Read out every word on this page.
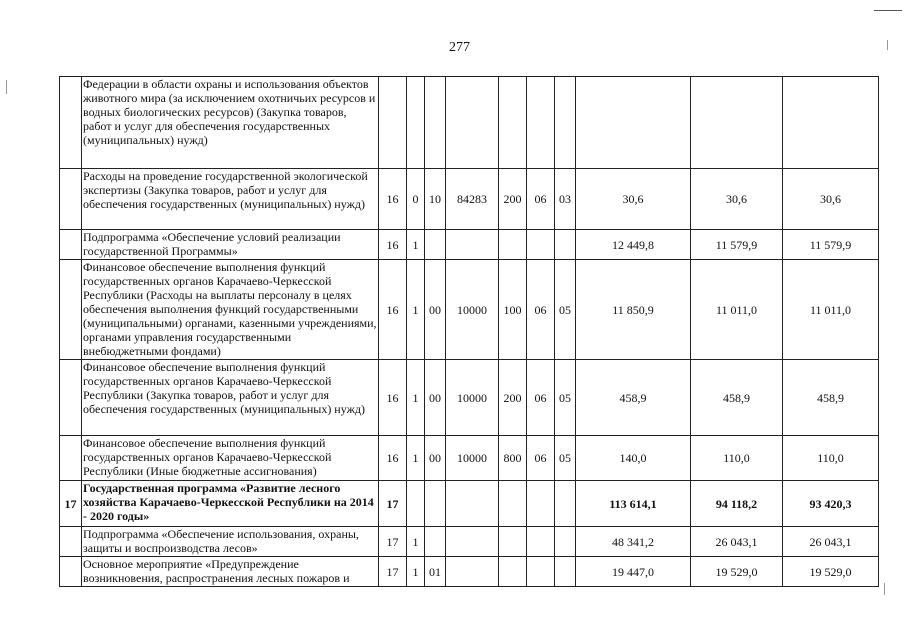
277
	Федерации в области охраны и использования объектов животного мира (за исключением охотничьих ресурсов и водных биологических ресурсов) (Закупка товаров, работ и услуг для обеспечения государственных (муниципальных) нужд)										
	Расходы на проведение государственной экологической экспертизы (Закупка товаров, работ и услуг для обеспечения государственных (муниципальных) нужд)	16	0	10	84283	200	06	03	30,6	30,6	30,6
	Подпрограмма «Обеспечение условий реализации государственной Программы»	16	1						12 449,8	11 579,9	11 579,9
	Финансовое обеспечение выполнения функций государственных органов Карачаево-Черкесской Республики (Расходы на выплаты персоналу в целях обеспечения выполнения функций государственными (муниципальными) органами, казенными учреждениями, органами управления государственными внебюджетными фондами)	16	1	00	10000	100	06	05	11 850,9	11 011,0	11 011,0
	Финансовое обеспечение выполнения функций государственных органов Карачаево-Черкесской Республики (Закупка товаров, работ и услуг для обеспечения государственных (муниципальных) нужд)	16	1	00	10000	200	06	05	458,9	458,9	458,9
	Финансовое обеспечение выполнения функций государственных органов Карачаево-Черкесской Республики (Иные бюджетные ассигнования)	16	1	00	10000	800	06	05	140,0	110,0	110,0
17	Государственная программа «Развитие лесного хозяйства Карачаево-Черкесской Республики на 2014 - 2020 годы»	17							113 614,1	94 118,2	93 420,3
	Подпрограмма «Обеспечение использования, охраны, защиты и воспроизводства лесов»	17	1						48 341,2	26 043,1	26 043,1
	Основное мероприятие «Предупреждение возникновения, распространения лесных пожаров и	17	1	01					19 447,0	19 529,0	19 529,0
